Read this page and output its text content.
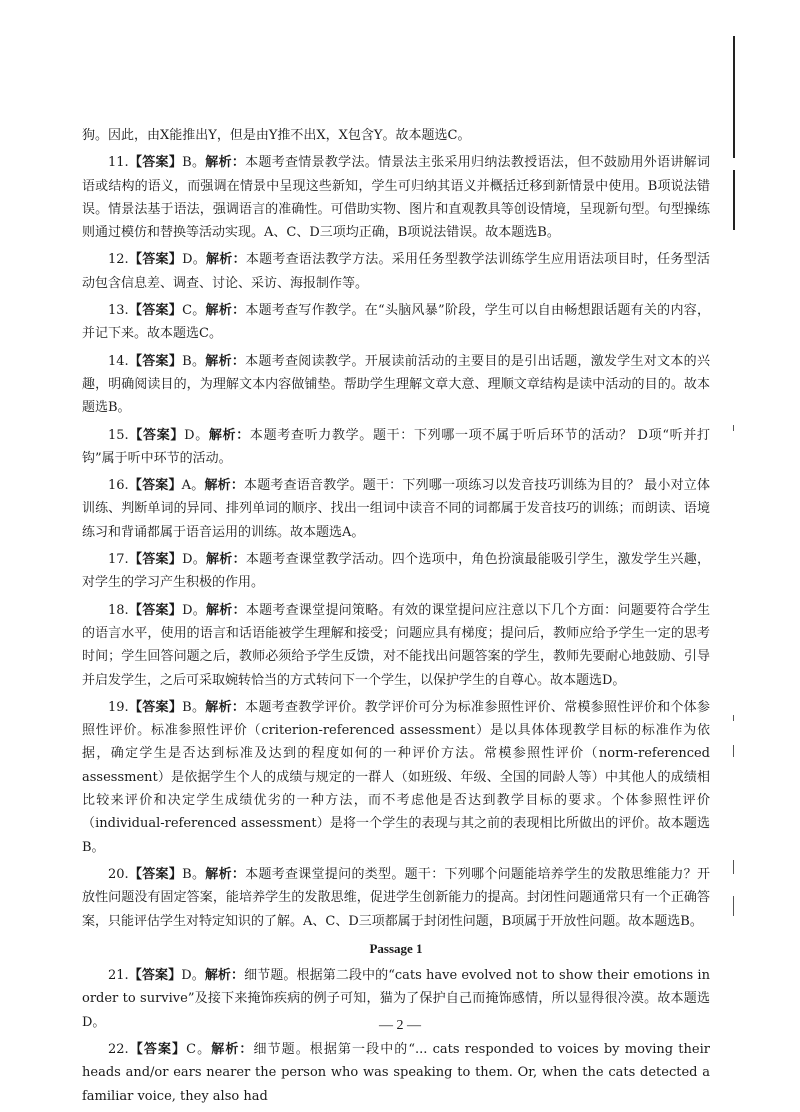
狗。因此，由X能推出Y，但是由Y推不出X，X包含Y。故本题选C。
11.【答案】B。解析：本题考查情景教学法。情景法主张采用归纳法教授语法，但不鼓励用外语讲解词语或结构的语义，而强调在情景中呈现这些新知，学生可归纳其语义并概括迁移到新情景中使用。B项说法错误。情景法基于语法，强调语言的准确性。可借助实物、图片和直观教具等创设情境，呈现新句型。句型操练则通过模仿和替换等活动实现。A、C、D三项均正确，B项说法错误。故本题选B。
12.【答案】D。解析：本题考查语法教学方法。采用任务型教学法训练学生应用语法项目时，任务型活动包含信息差、调查、讨论、采访、海报制作等。
13.【答案】C。解析：本题考查写作教学。在“头脑风暴”阶段，学生可以自由畅想跟话题有关的内容，并记下来。故本题选C。
14.【答案】B。解析：本题考查阅读教学。开展读前活动的主要目的是引出话题，激发学生对文本的兴趣，明确阅读目的，为理解文本内容做铺垫。帮助学生理解文章大意、理顺文章结构是读中活动的目的。故本题选B。
15.【答案】D。解析：本题考查听力教学。题干：下列哪一项不属于听后环节的活动？ D项“听并打钩”属于听中环节的活动。
16.【答案】A。解析：本题考查语音教学。题干：下列哪一项练习以发音技巧训练为目的？ 最小对立体训练、判断单词的异同、排列单词的顺序、找出一组词中读音不同的词都属于发音技巧的训练；而朗读、语境练习和背诵都属于语音运用的训练。故本题选A。
17.【答案】D。解析：本题考查课堂教学活动。四个选项中，角色扮演最能吸引学生，激发学生兴趣，对学生的学习产生积极的作用。
18.【答案】D。解析：本题考查课堂提问策略。有效的课堂提问应注意以下几个方面：问题要符合学生的语言水平，使用的语言和话语能被学生理解和接受；问题应具有梯度；提问后，教师应给予学生一定的思考时间；学生回答问题之后，教师必须给予学生反馈，对不能找出问题答案的学生，教师先要耐心地鼓励、引导并启发学生，之后可采取婉转恰当的方式转问下一个学生，以保护学生的自尊心。故本题选D。
19.【答案】B。解析：本题考查教学评价。教学评价可分为标准参照性评价、常模参照性评价和个体参照性评价。标准参照性评价（criterion-referenced assessment）是以具体体现教学目标的标准作为依据，确定学生是否达到标准及达到的程度如何的一种评价方法。常模参照性评价（norm-referenced assessment）是依据学生个人的成绩与规定的一群人（如班级、年级、全国的同龄人等）中其他人的成绩相比较来评价和决定学生成绩优劣的一种方法，而不考虑他是否达到教学目标的要求。个体参照性评价（individual-referenced assessment）是将一个学生的表现与其之前的表现相比所做出的评价。故本题选B。
20.【答案】B。解析：本题考查课堂提问的类型。题干：下列哪个问题能培养学生的发散思维能力？开放性问题没有固定答案，能培养学生的发散思维，促进学生创新能力的提高。封闭性问题通常只有一个正确答案，只能评估学生对特定知识的了解。A、C、D三项都属于封闭性问题，B项属于开放性问题。故本题选B。
Passage 1
21.【答案】D。解析：细节题。根据第二段中的“cats have evolved not to show their emotions in order to survive”及接下来掩饰疾病的例子可知，猫为了保护自己而掩饰感情，所以显得很冷漠。故本题选D。
22.【答案】C。解析：细节题。根据第一段中的“... cats responded to voices by moving their heads and/or ears nearer the person who was speaking to them. Or, when the cats detected a familiar voice, they also had
— 2 —
